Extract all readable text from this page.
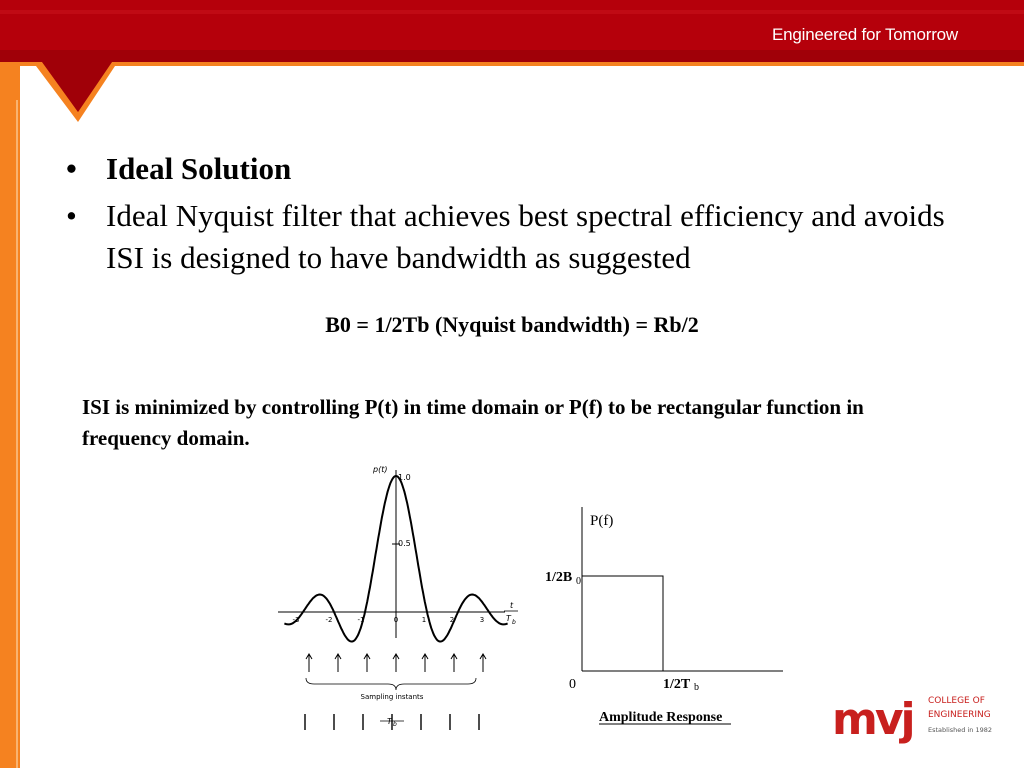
Engineered for Tomorrow
• Ideal Solution
• Ideal Nyquist filter that achieves best spectral efficiency and avoids ISI is designed to have bandwidth as suggested
B0 = 1/2Tb (Nyquist bandwidth) = Rb/2
ISI is minimized by controlling P(t) in time domain or P(f) to be rectangular function in frequency domain.
p(t)
1.0
0.5
t
T b
-3	-2	-1	0	1	2	3
Sampling instants
T b
P(f)
1/2B 0
0	1/2T b
Amplitude Response mvj COLLEGE OF
ENGINEERING
Established in 1982
